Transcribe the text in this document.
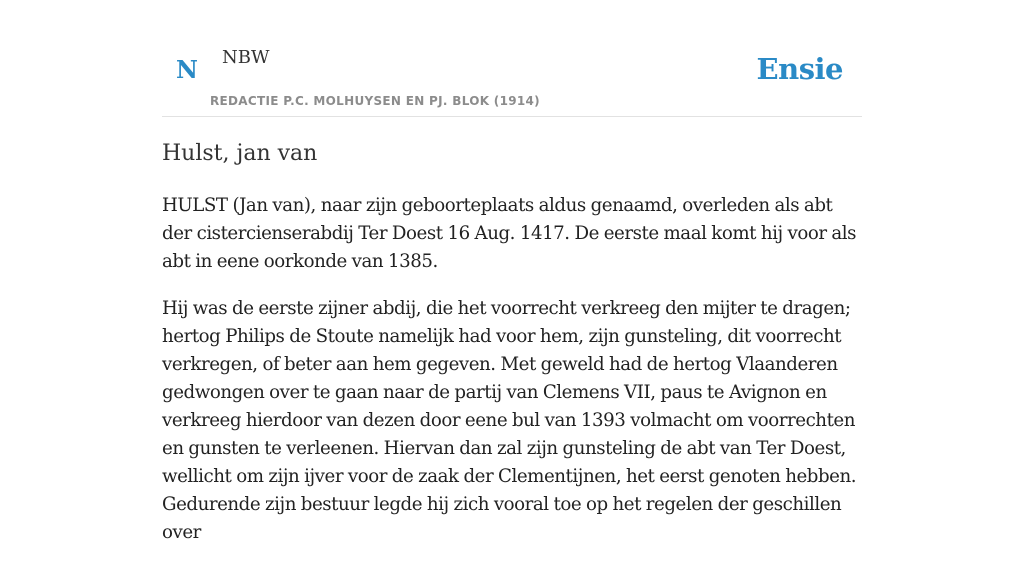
N NBW
REDACTIE P.C. MOLHUYSEN EN PJ. BLOK (1914)
Ensie
Hulst, jan van

HULST (Jan van), naar zijn geboorteplaats aldus genaamd, overleden als abt der cistercienserabdij Ter Doest 16 Aug. 1417. De eerste maal komt hij voor als abt in eene oorkonde van 1385.

Hij was de eerste zijner abdij, die het voorrecht verkreeg den mijter te dragen; hertog Philips de Stoute namelijk had voor hem, zijn gunsteling, dit voorrecht verkregen, of beter aan hem gegeven. Met geweld had de hertog Vlaanderen gedwongen over te gaan naar de partij van Clemens VII, paus te Avignon en verkreeg hierdoor van dezen door eene bul van 1393 volmacht om voorrechten en gunsten te verleenen. Hiervan dan zal zijn gunsteling de abt van Ter Doest, wellicht om zijn ijver voor de zaak der Clementijnen, het eerst genoten hebben. Gedurende zijn bestuur legde hij zich vooral toe op het regelen der geschillen over
